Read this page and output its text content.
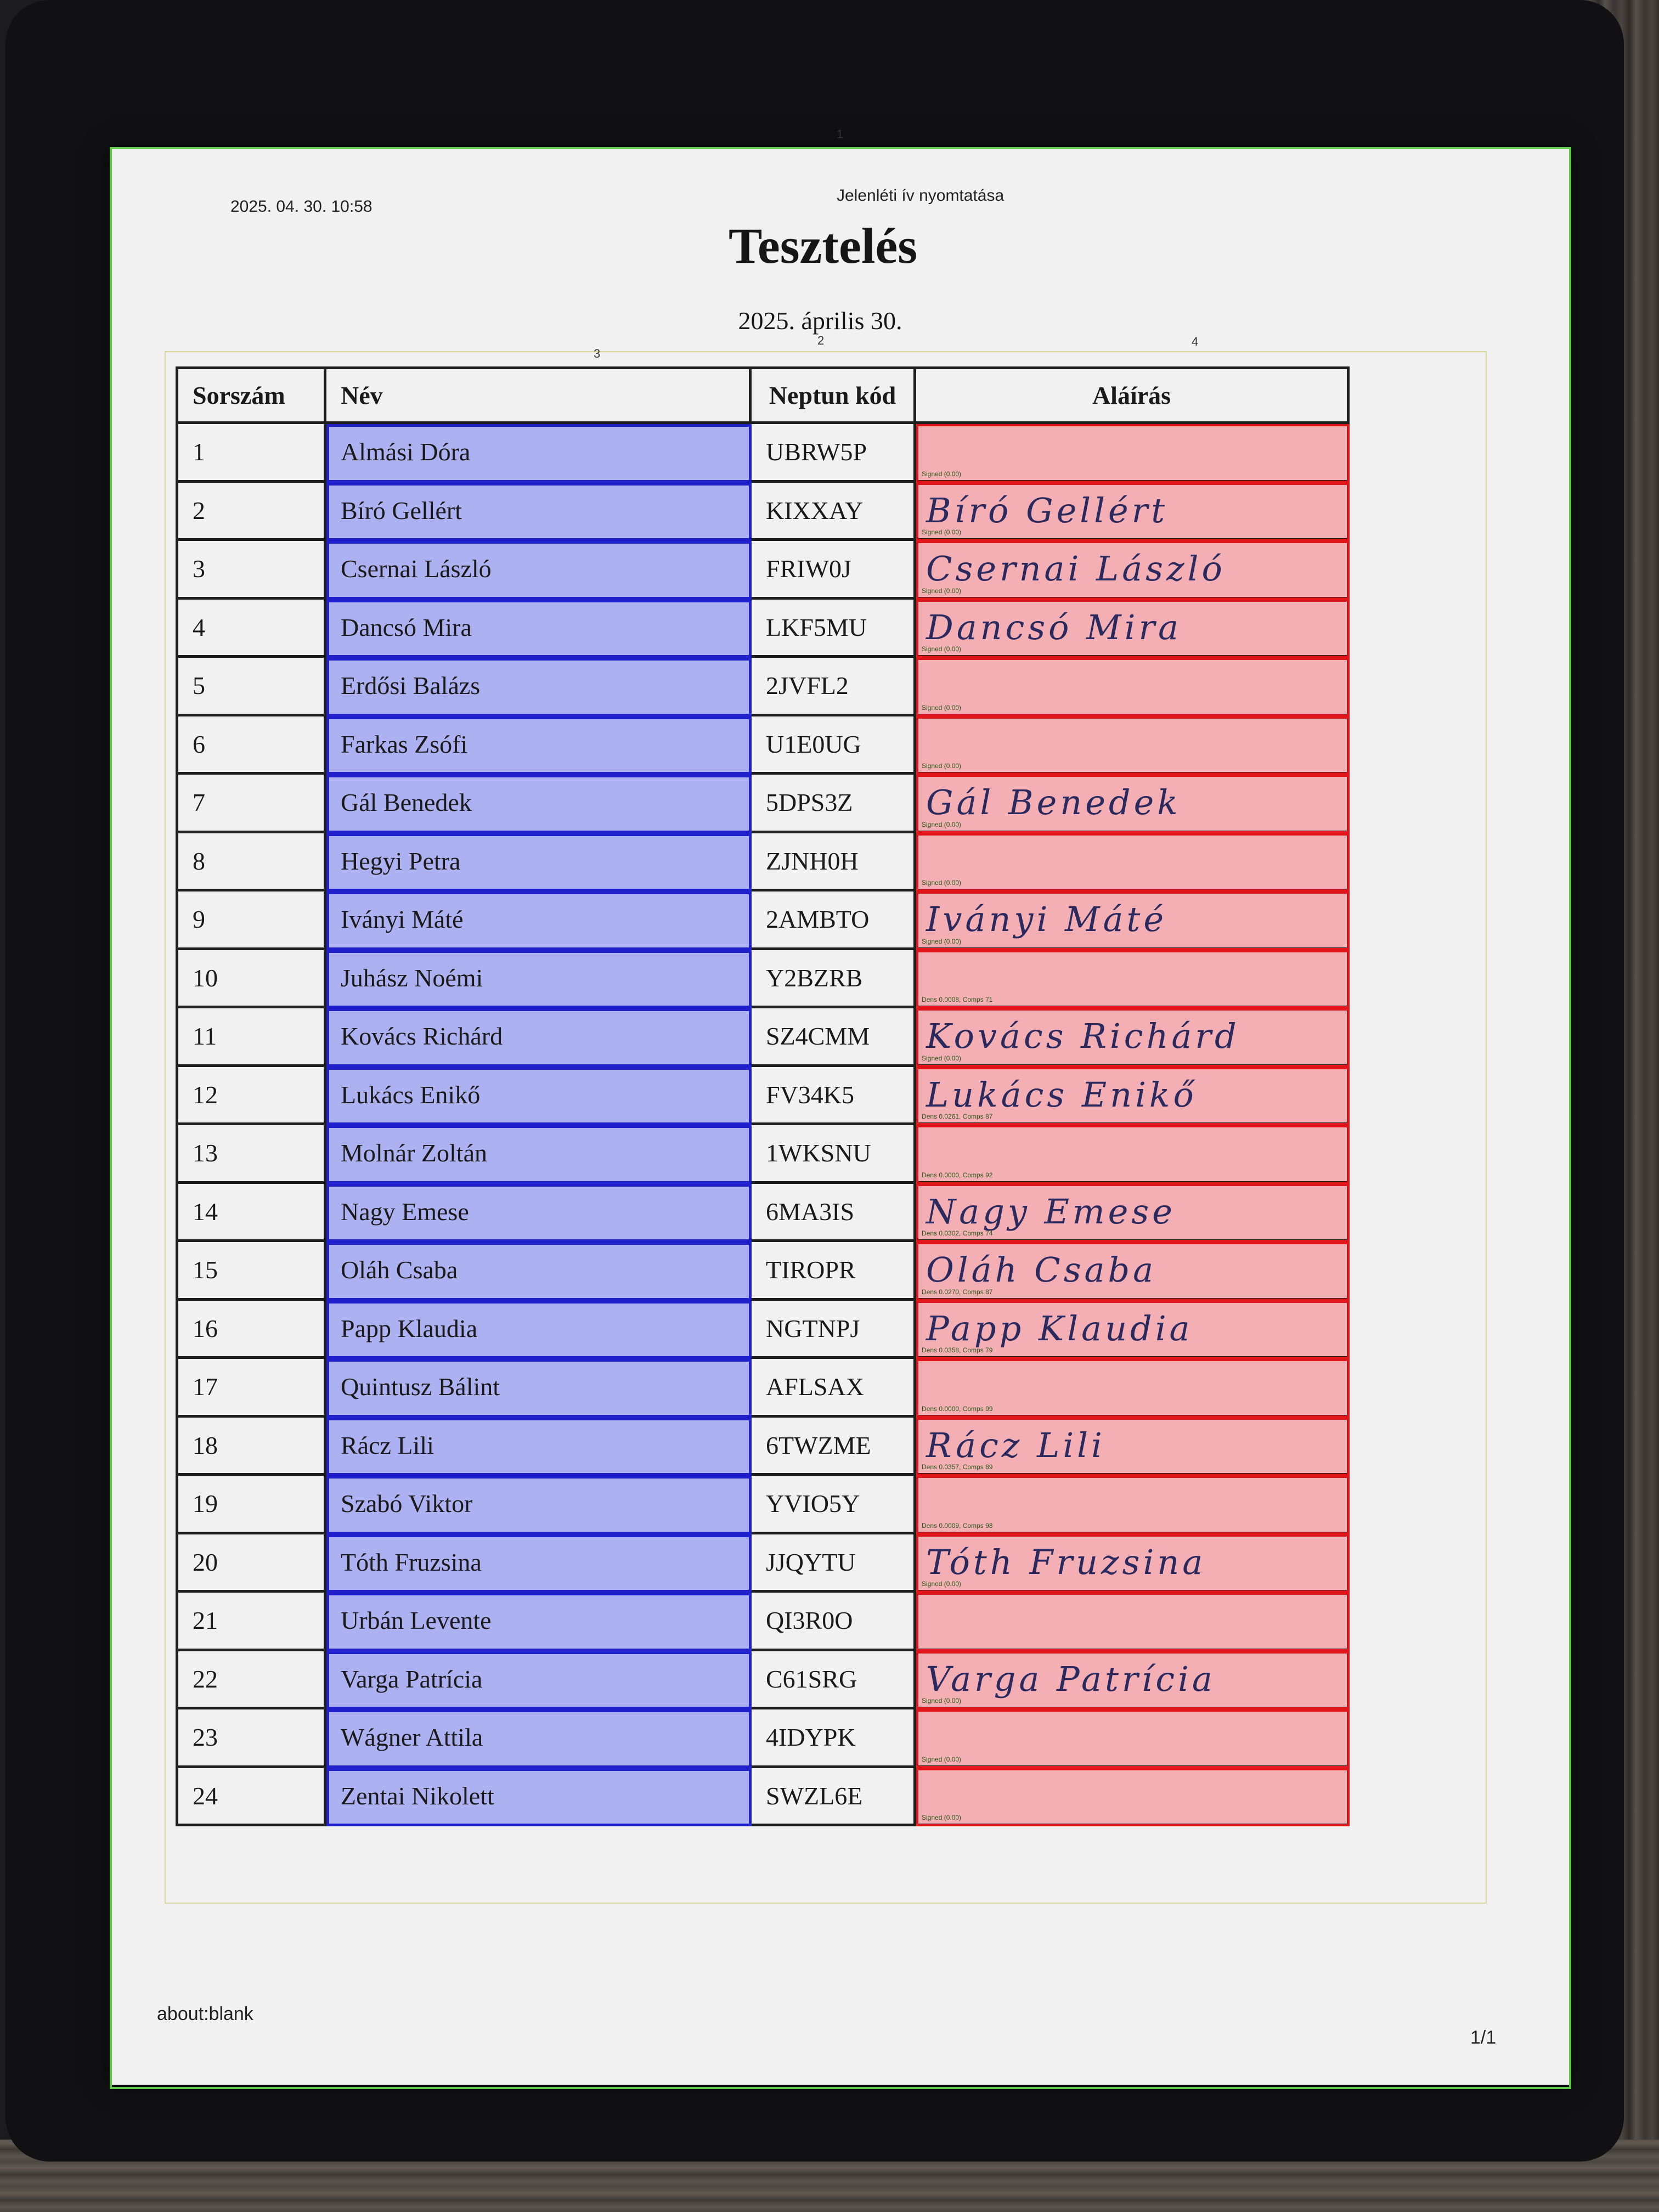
1
2025. 04. 30. 10:58
Jelenléti ív nyomtatása
Tesztelés
2025. április 30.
2
3
4
Sorszám	Név	Neptun kód	Aláírás
1	Almási Dóra	UBRW5P
Signed (0.00)
2	Bíró Gellért	KIXXAY	Bíró Gellért
Signed (0.00)
3	Csernai László	FRIW0J	Csernai László
Signed (0.00)
4	Dancsó Mira	LKF5MU	Dancsó Mira
Signed (0.00)
5	Erdősi Balázs	2JVFL2
Signed (0.00)
6	Farkas Zsófi	U1E0UG
Signed (0.00)
7	Gál Benedek	5DPS3Z	Gál Benedek
Signed (0.00)
8	Hegyi Petra	ZJNH0H
Signed (0.00)
9	Iványi Máté	2AMBTO	Iványi Máté
Signed (0.00)
10	Juhász Noémi	Y2BZRB
Dens 0.0008, Comps 71
11	Kovács Richárd	SZ4CMM	Kovács Richárd
Signed (0.00)
12	Lukács Enikő	FV34K5	Lukács Enikő
Dens 0.0261, Comps 87
13	Molnár Zoltán	1WKSNU
Dens 0.0000, Comps 92
14	Nagy Emese	6MA3IS	Nagy Emese
Dens 0.0302, Comps 74
15	Oláh Csaba	TIROPR	Oláh Csaba
Dens 0.0270, Comps 87
16	Papp Klaudia	NGTNPJ	Papp Klaudia
Dens 0.0358, Comps 79
17	Quintusz Bálint	AFLSAX
Dens 0.0000, Comps 99
18	Rácz Lili	6TWZME	Rácz Lili
Dens 0.0357, Comps 89
19	Szabó Viktor	YVIO5Y
Dens 0.0009, Comps 98
20	Tóth Fruzsina	JJQYTU	Tóth Fruzsina
Signed (0.00)
21	Urbán Levente	QI3R0O
22	Varga Patrícia	C61SRG	Varga Patrícia
Signed (0.00)
23	Wágner Attila	4IDYPK
Signed (0.00)
24	Zentai Nikolett	SWZL6E
Signed (0.00)
about:blank
1/1
